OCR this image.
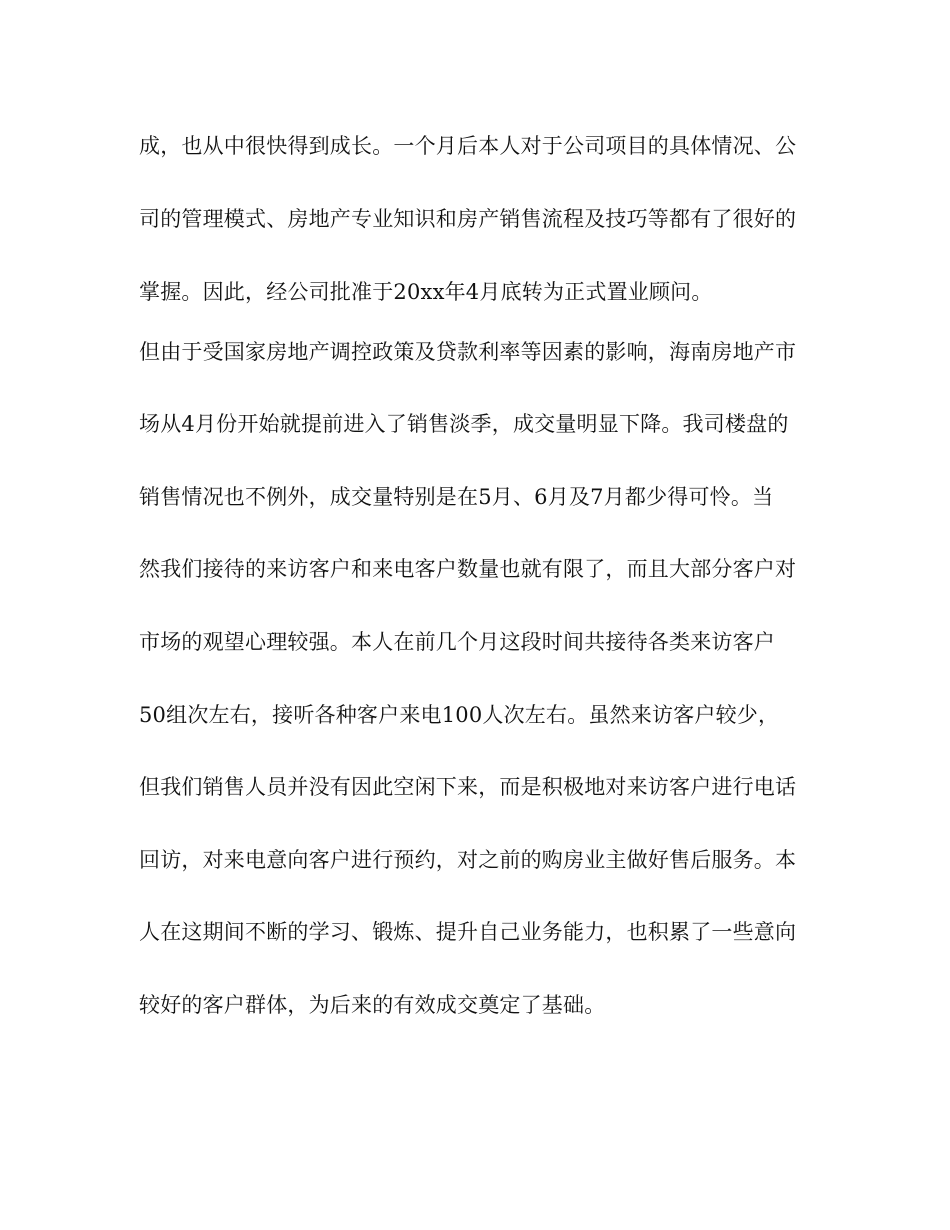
成，也从中很快得到成长。一个月后本人对于公司项目的具体情况、公
司的管理模式、房地产专业知识和房产销售流程及技巧等都有了很好的
掌握。因此，经公司批准于20xx年4月底转为正式置业顾问。
但由于受国家房地产调控政策及贷款利率等因素的影响，海南房地产市
场从4月份开始就提前进入了销售淡季，成交量明显下降。我司楼盘的
销售情况也不例外，成交量特别是在5月、6月及7月都少得可怜。当
然我们接待的来访客户和来电客户数量也就有限了，而且大部分客户对
市场的观望心理较强。本人在前几个月这段时间共接待各类来访客户
50组次左右，接听各种客户来电100人次左右。虽然来访客户较少，
但我们销售人员并没有因此空闲下来，而是积极地对来访客户进行电话
回访，对来电意向客户进行预约，对之前的购房业主做好售后服务。本
人在这期间不断的学习、锻炼、提升自己业务能力，也积累了一些意向
较好的客户群体，为后来的有效成交奠定了基础。
